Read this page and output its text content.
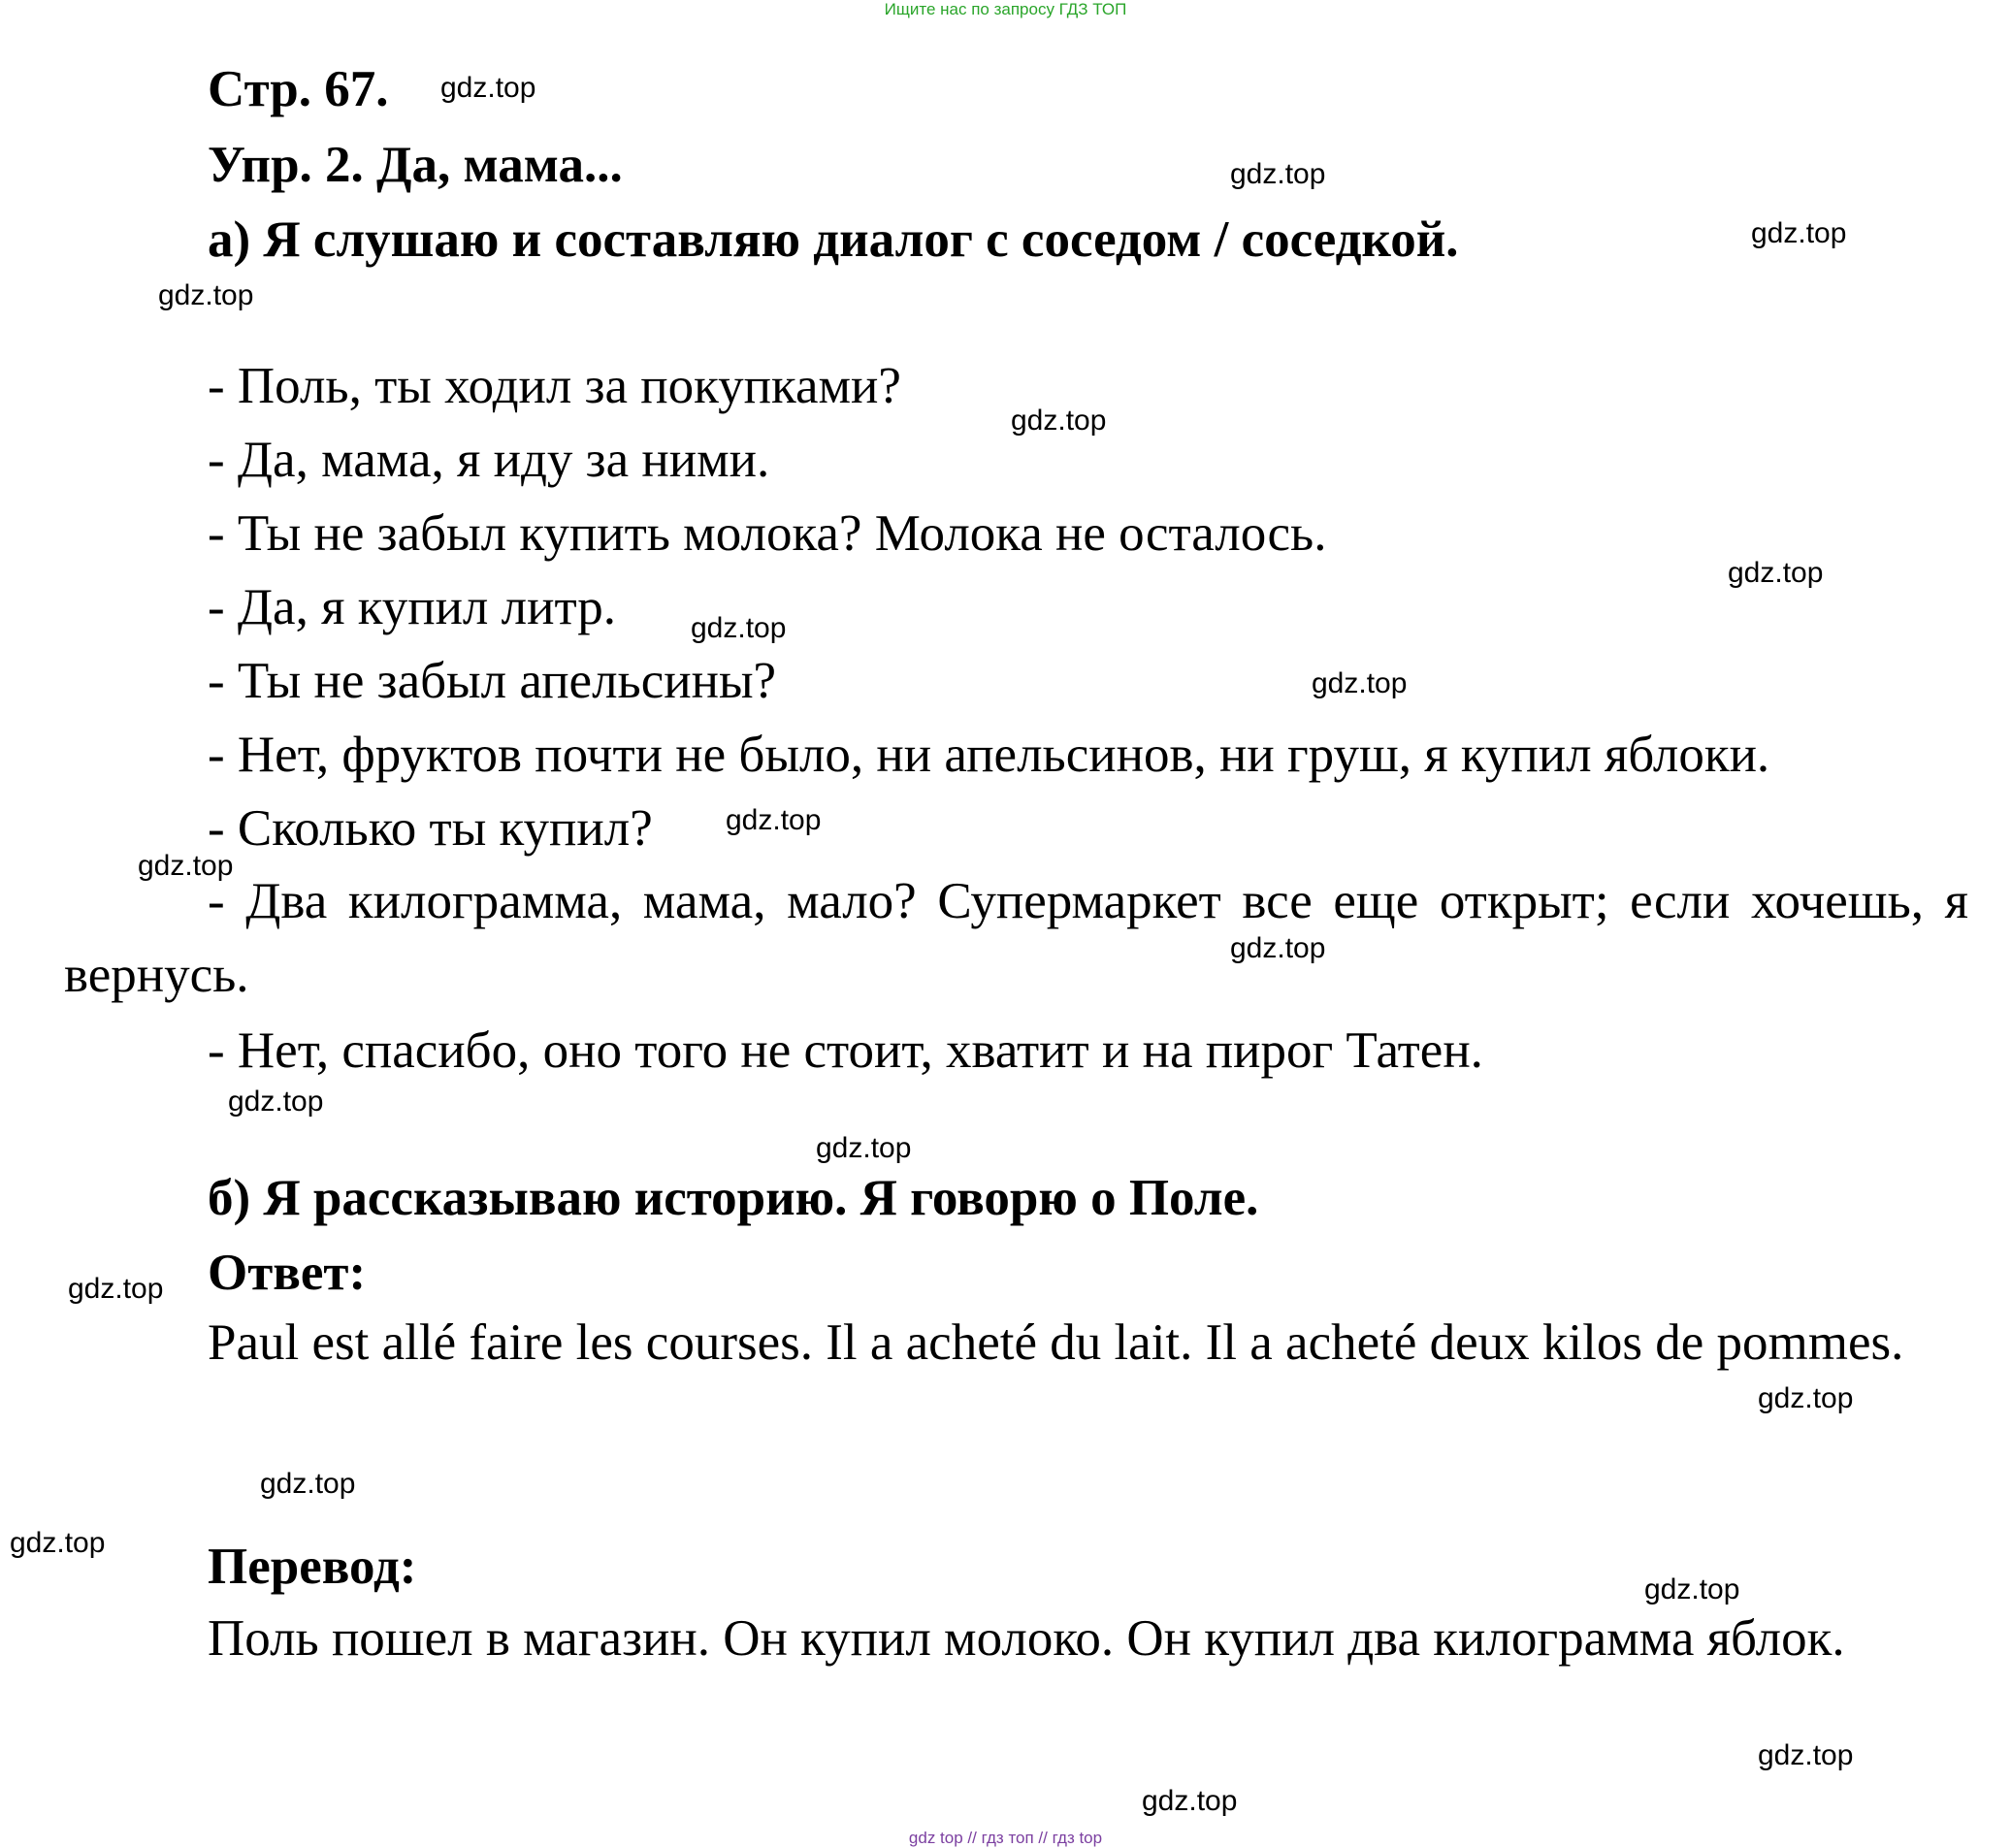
Ищите нас по запросу ГДЗ ТОП
Стр. 67.
Упр. 2. Да, мама...
а) Я слушаю и составляю диалог с соседом / соседкой.
- Поль, ты ходил за покупками?
- Да, мама, я иду за ними.
- Ты не забыл купить молока? Молока не осталось.
- Да, я купил литр.
- Ты не забыл апельсины?
- Нет, фруктов почти не было, ни апельсинов, ни груш, я купил яблоки.
- Сколько ты купил?
- Два килограмма, мама, мало? Супермаркет все еще открыт; если хочешь, я вернусь.
- Нет, спасибо, оно того не стоит, хватит и на пирог Татен.
б) Я рассказываю историю. Я говорю о Поле.
Ответ:
Paul est allé faire les courses. Il a acheté du lait. Il a acheté deux kilos de pommes.
Перевод:
Поль пошел в магазин. Он купил молоко. Он купил два килограмма яблок.
gdz.top
gdz.top
gdz.top
gdz.top
gdz.top
gdz.top
gdz.top
gdz.top
gdz.top
gdz.top
gdz.top
gdz.top
gdz.top
gdz.top
gdz.top
gdz.top
gdz.top
gdz.top
gdz.top
gdz.top
gdz top // гдз топ // гдз top
